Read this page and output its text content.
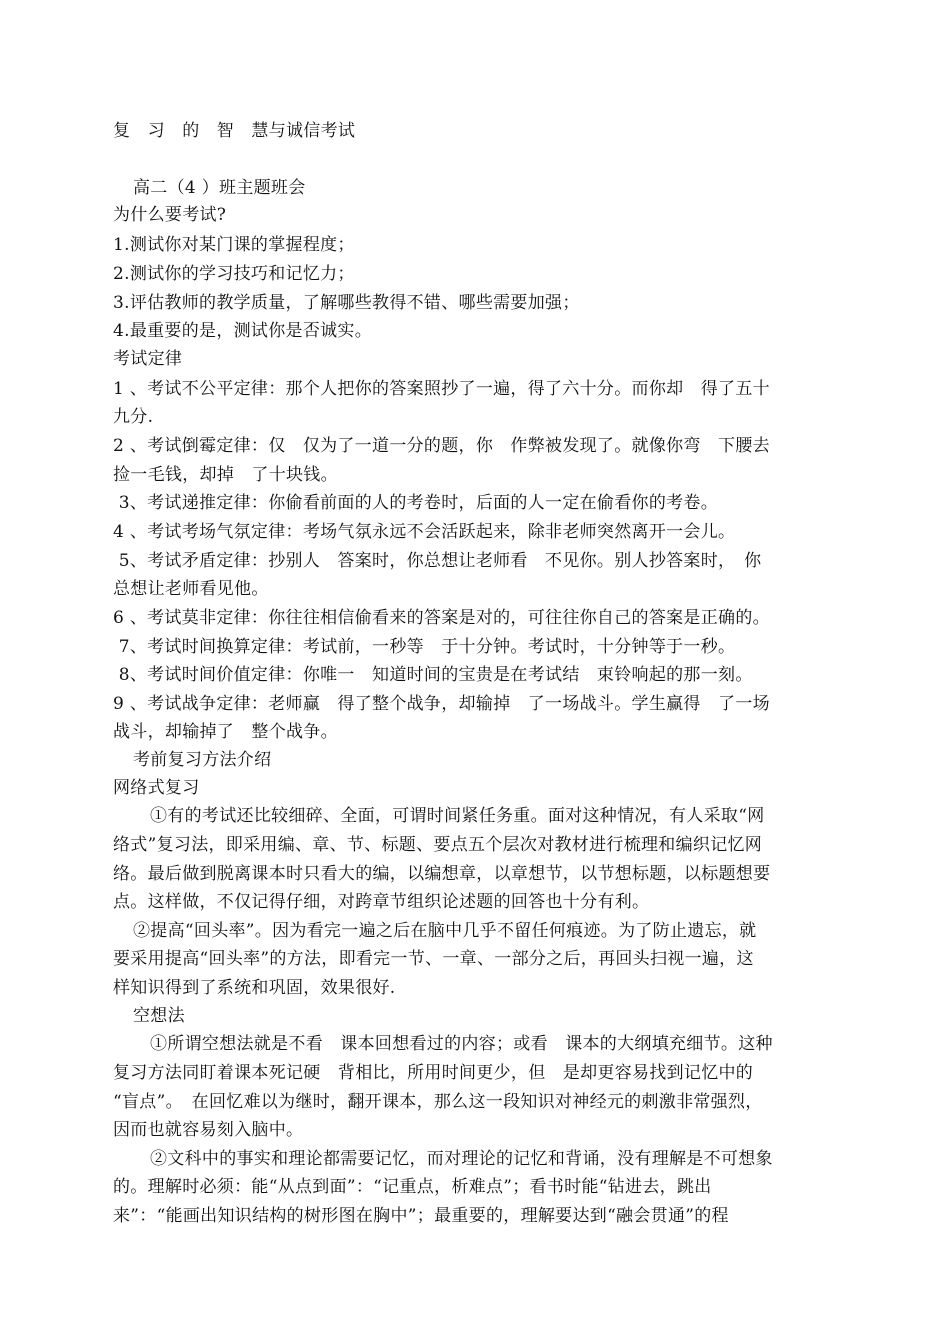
复　习　的　智　慧与诚信考试
高二（4 ）班主题班会
为什么要考试?
1.测试你对某门课的掌握程度；
2.测试你的学习技巧和记忆力；
3.评估教师的教学质量，了解哪些教得不错、哪些需要加强；
4.最重要的是，测试你是否诚实。
考试定律
1 、考试不公平定律：那个人把你的答案照抄了一遍，得了六十分。而你却　得了五十
九分.
2 、考试倒霉定律：仅　仅为了一道一分的题，你　作弊被发现了。就像你弯　下腰去
捡一毛钱，却掉　了十块钱。
3、考试递推定律：你偷看前面的人的考卷时，后面的人一定在偷看你的考卷。
4 、考试考场气氛定律：考场气氛永远不会活跃起来，除非老师突然离开一会儿。
5、考试矛盾定律：抄别人　答案时，你总想让老师看　不见你。别人抄答案时，　你
总想让老师看见他。
6 、考试莫非定律：你往往相信偷看来的答案是对的，可往往你自己的答案是正确的。
7、考试时间换算定律：考试前，一秒等　于十分钟。考试时，十分钟等于一秒。
8、考试时间价值定律：你唯一　知道时间的宝贵是在考试结　束铃响起的那一刻。
9 、考试战争定律：老师赢　得了整个战争，却输掉　了一场战斗。学生赢得　了一场
战斗，却输掉了　整个战争。
考前复习方法介绍
网络式复习
①有的考试还比较细碎、全面，可谓时间紧任务重。面对这种情况，有人采取“网
络式”复习法，即采用编、章、节、标题、要点五个层次对教材进行梳理和编织记忆网
络。最后做到脱离课本时只看大的编，以编想章，以章想节，以节想标题，以标题想要
点。这样做，不仅记得仔细，对跨章节组织论述题的回答也十分有利。
②提高“回头率”。因为看完一遍之后在脑中几乎不留任何痕迹。为了防止遗忘，就
要采用提高“回头率”的方法，即看完一节、一章、一部分之后，再回头扫视一遍，这
样知识得到了系统和巩固，效果很好.
空想法
①所谓空想法就是不看　课本回想看过的内容；或看　课本的大纲填充细节。这种
复习方法同盯着课本死记硬　背相比，所用时间更少，但　是却更容易找到记忆中的
“盲点”。　在回忆难以为继时，翻开课本，那么这一段知识对神经元的刺激非常强烈，
因而也就容易刻入脑中。
②文科中的事实和理论都需要记忆，而对理论的记忆和背诵，没有理解是不可想象
的。理解时必须：能“从点到面”：“记重点，析难点”；看书时能“钻进去，跳出
来”：“能画出知识结构的树形图在胸中”；最重要的，理解要达到“融会贯通”的程
